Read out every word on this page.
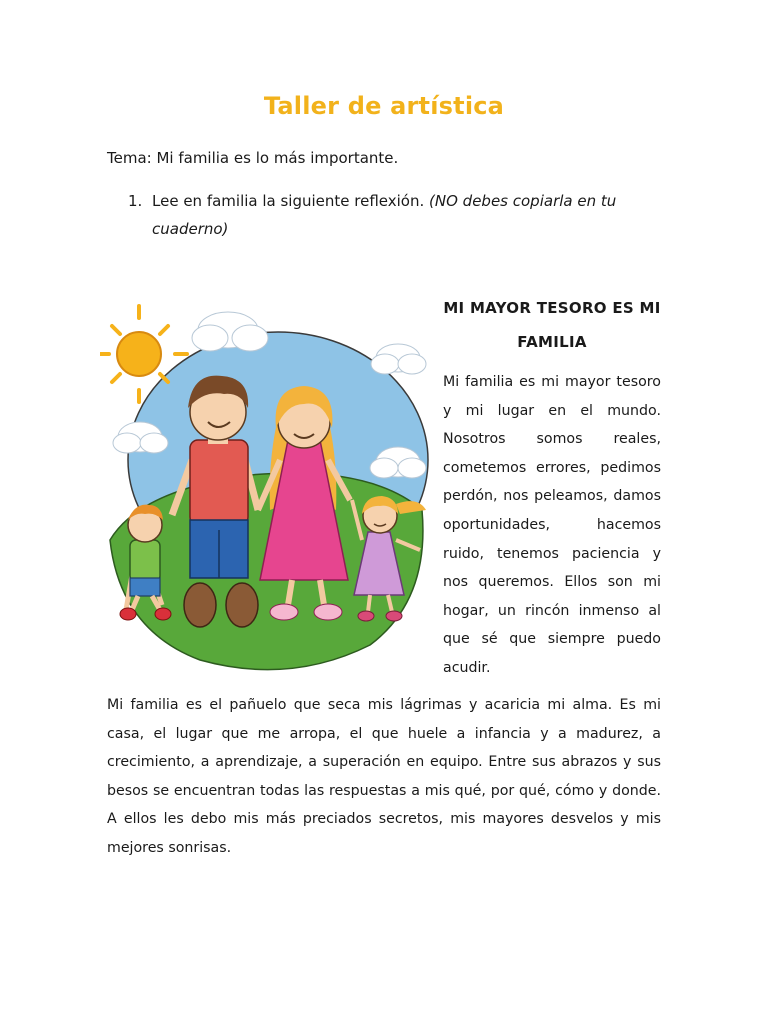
Taller de artística
Tema: Mi familia es lo más importante.
1. Lee en familia la siguiente reflexión. (NO debes copiarla en tu cuaderno)
MI MAYOR TESORO ES MI FAMILIA
Mi familia es mi mayor tesoro y mi lugar en el mundo. Nosotros somos reales, cometemos errores, pedimos perdón, nos peleamos, damos oportunidades, hacemos ruido, tenemos paciencia y nos queremos. Ellos son mi hogar, un rincón inmenso al que sé que siempre puedo acudir.
Mi familia es el pañuelo que seca mis lágrimas y acaricia mi alma. Es mi casa, el lugar que me arropa, el que huele a infancia y a madurez, a crecimiento, a aprendizaje, a superación en equipo. Entre sus abrazos y sus besos se encuentran todas las respuestas a mis qué, por qué, cómo y donde. A ellos les debo mis más preciados secretos, mis mayores desvelos y mis mejores sonrisas.
